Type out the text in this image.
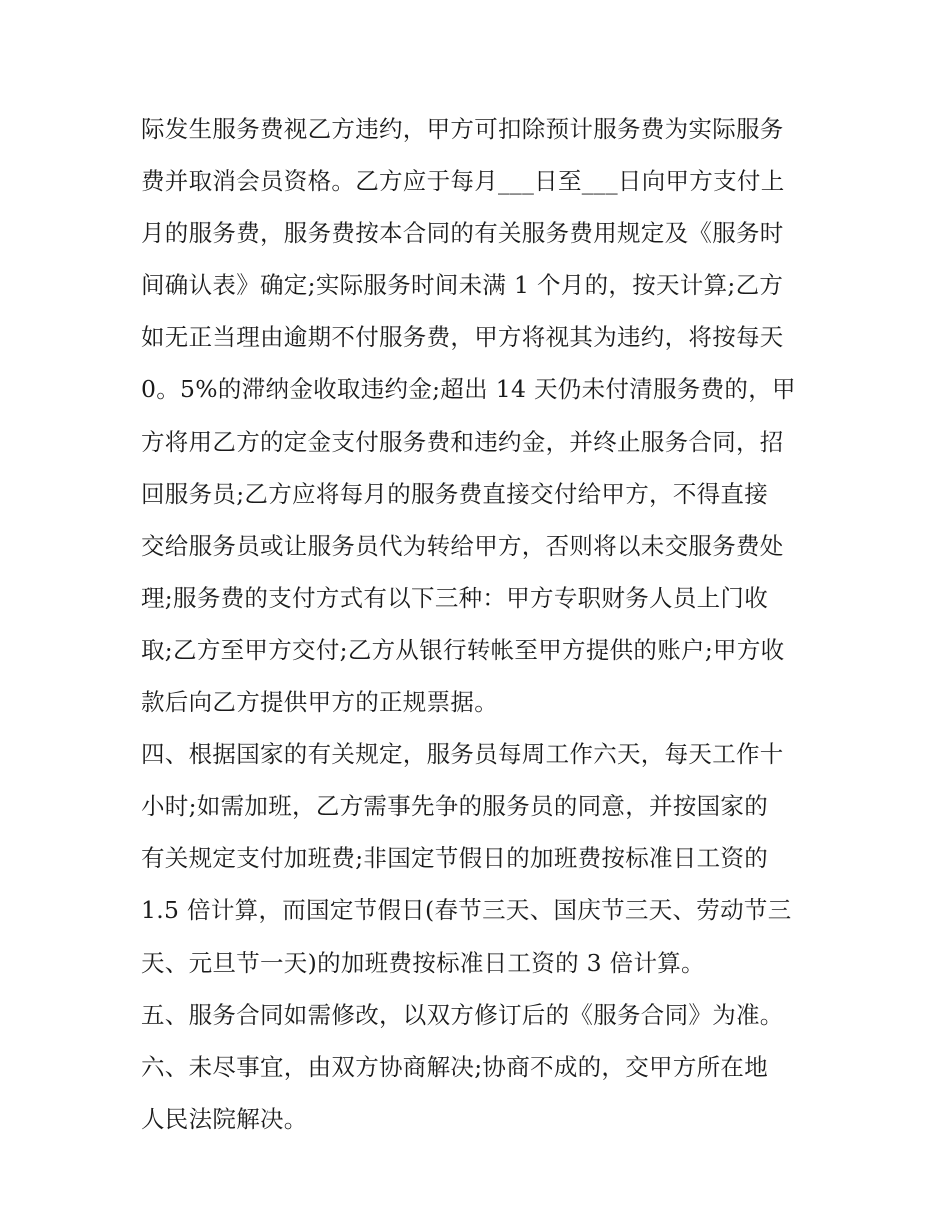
际发生服务费视乙方违约，甲方可扣除预计服务费为实际服务
费并取消会员资格。乙方应于每月___日至___日向甲方支付上
月的服务费，服务费按本合同的有关服务费用规定及《服务时
间确认表》确定;实际服务时间未满 1 个月的，按天计算;乙方
如无正当理由逾期不付服务费，甲方将视其为违约，将按每天
0。5%的滞纳金收取违约金;超出 14 天仍未付清服务费的，甲
方将用乙方的定金支付服务费和违约金，并终止服务合同，招
回服务员;乙方应将每月的服务费直接交付给甲方，不得直接
交给服务员或让服务员代为转给甲方，否则将以未交服务费处
理;服务费的支付方式有以下三种：甲方专职财务人员上门收
取;乙方至甲方交付;乙方从银行转帐至甲方提供的账户;甲方收
款后向乙方提供甲方的正规票据。
四、根据国家的有关规定，服务员每周工作六天，每天工作十
小时;如需加班，乙方需事先争的服务员的同意，并按国家的
有关规定支付加班费;非国定节假日的加班费按标准日工资的
1.5 倍计算，而国定节假日(春节三天、国庆节三天、劳动节三
天、元旦节一天)的加班费按标准日工资的 3 倍计算。
五、服务合同如需修改，以双方修订后的《服务合同》为准。
六、未尽事宜，由双方协商解决;协商不成的，交甲方所在地
人民法院解决。
